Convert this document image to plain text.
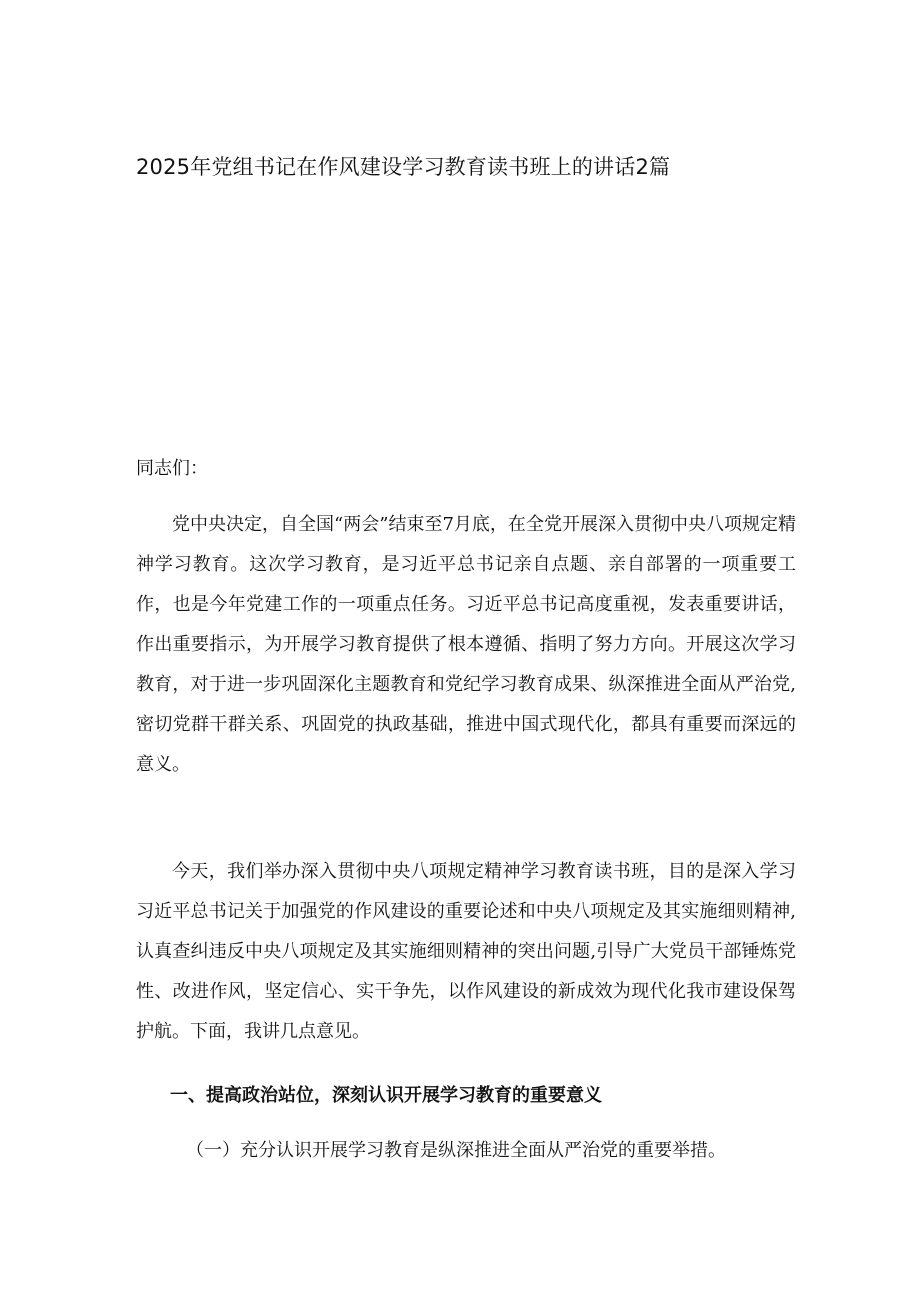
2025年党组书记在作风建设学习教育读书班上的讲话2篇
同志们：
党中央决定，自全国“两会”结束至7月底，在全党开展深入贯彻中央八项规定精神学习教育。这次学习教育，是习近平总书记亲自点题、亲自部署的一项重要工作，也是今年党建工作的一项重点任务。习近平总书记高度重视，发表重要讲话，作出重要指示，为开展学习教育提供了根本遵循、指明了努力方向。开展这次学习教育，对于进一步巩固深化主题教育和党纪学习教育成果、纵深推进全面从严治党,密切党群干群关系、巩固党的执政基础，推进中国式现代化，都具有重要而深远的意义。
今天，我们举办深入贯彻中央八项规定精神学习教育读书班，目的是深入学习习近平总书记关于加强党的作风建设的重要论述和中央八项规定及其实施细则精神,认真查纠违反中央八项规定及其实施细则精神的突出问题,引导广大党员干部锤炼党性、改进作风，坚定信心、实干争先，以作风建设的新成效为现代化我市建设保驾护航。下面，我讲几点意见。
一、提高政治站位，深刻认识开展学习教育的重要意义
（一）充分认识开展学习教育是纵深推进全面从严治党的重要举措。
